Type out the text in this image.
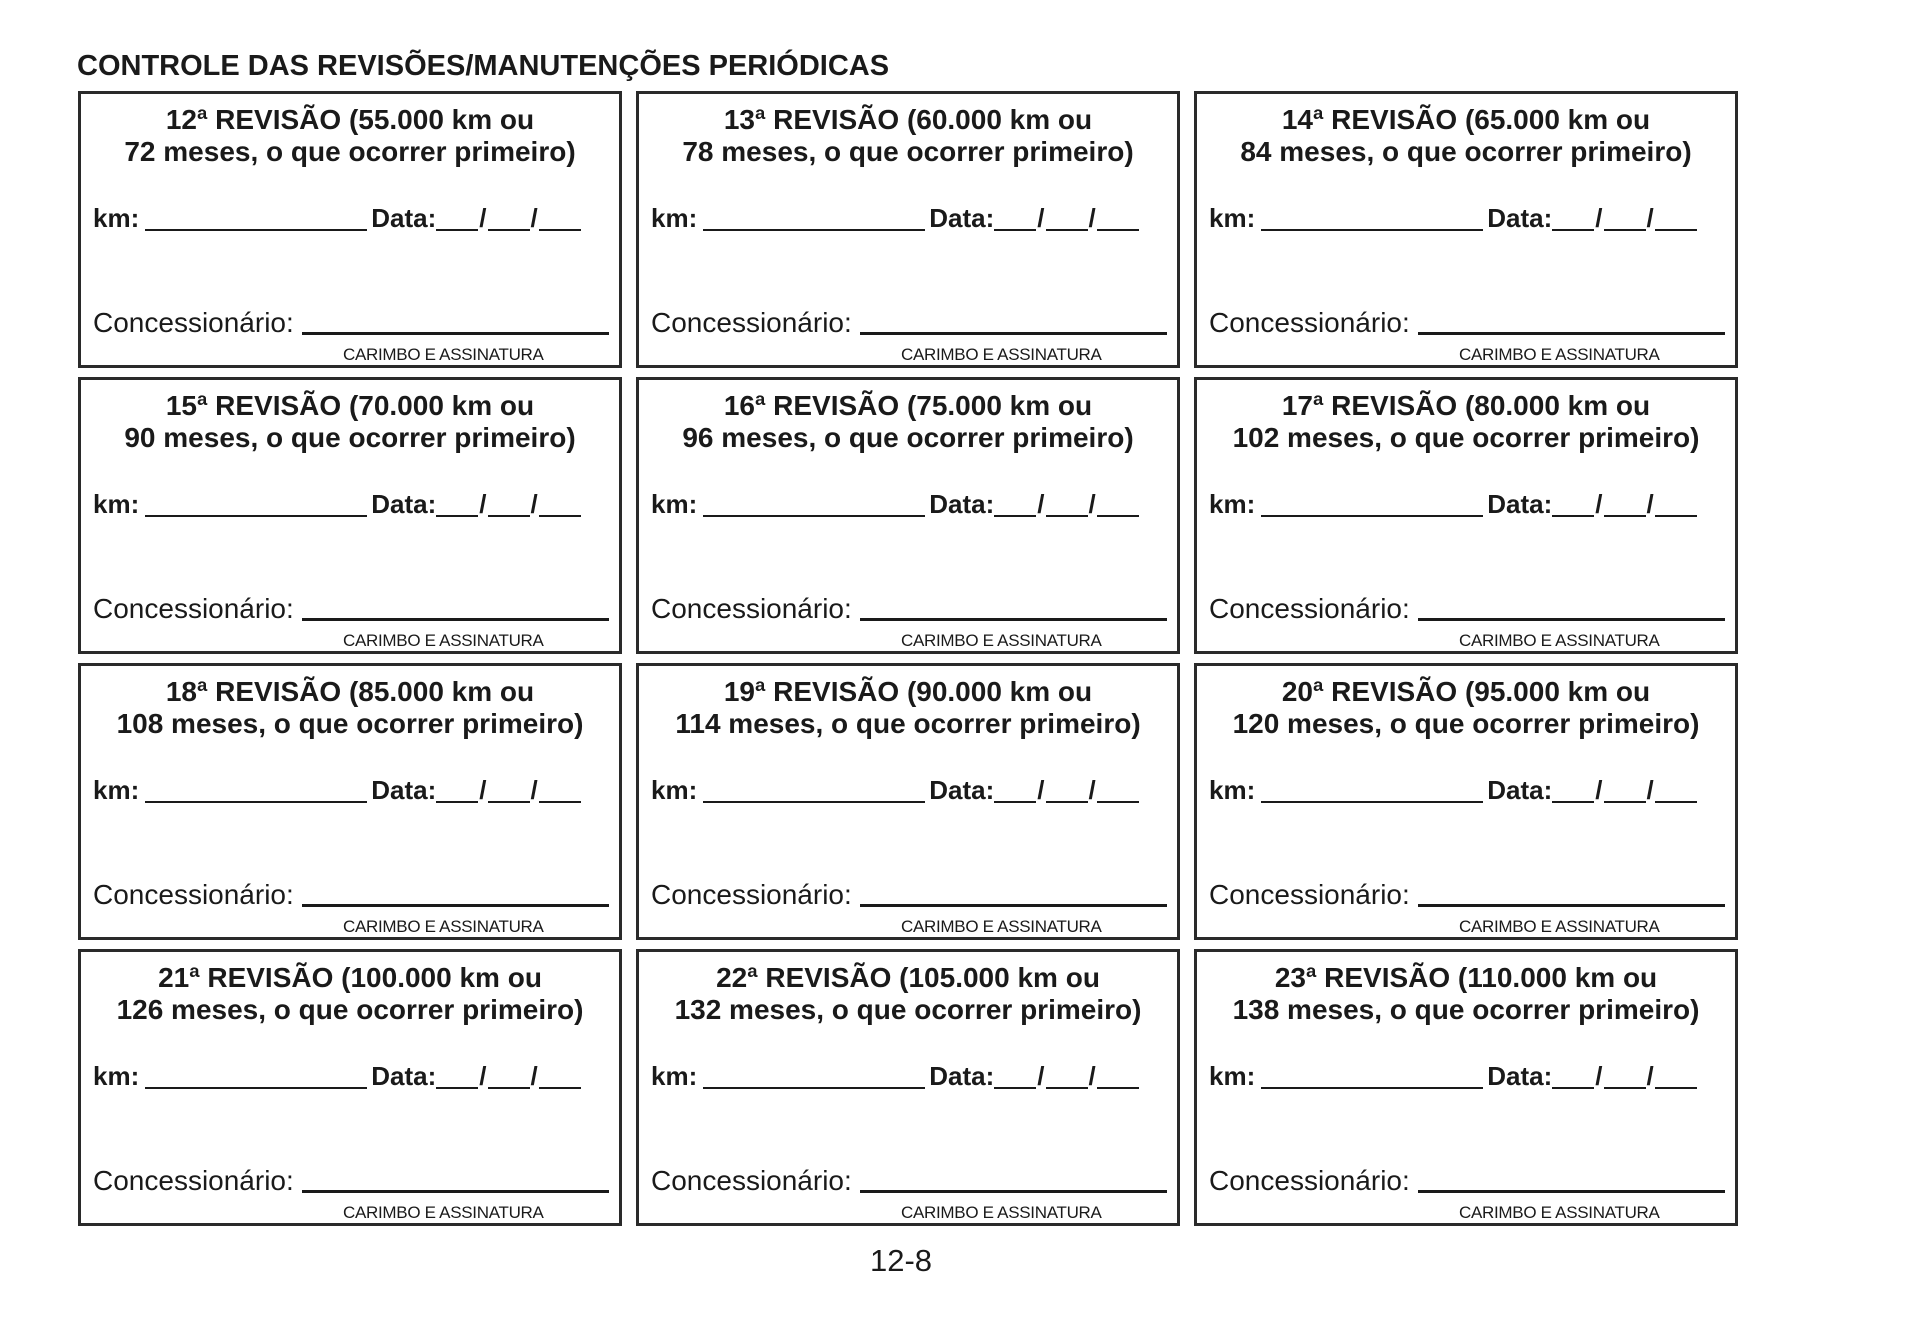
CONTROLE DAS REVISÕES/MANUTENÇÕES PERIÓDICAS
12ª REVISÃO (55.000 km ou
72 meses, o que ocorrer primeiro)
km:	Data: / /
Concessionário:
CARIMBO E ASSINATURA
13ª REVISÃO (60.000 km ou
78 meses, o que ocorrer primeiro)
km:	Data: / /
Concessionário:
CARIMBO E ASSINATURA
14ª REVISÃO (65.000 km ou
84 meses, o que ocorrer primeiro)
km:	Data: / /
Concessionário:
CARIMBO E ASSINATURA
15ª REVISÃO (70.000 km ou
90 meses, o que ocorrer primeiro)
km:	Data: / /
Concessionário:
CARIMBO E ASSINATURA
16ª REVISÃO (75.000 km ou
96 meses, o que ocorrer primeiro)
km:	Data: / /
Concessionário:
CARIMBO E ASSINATURA
17ª REVISÃO (80.000 km ou
102 meses, o que ocorrer primeiro)
km:	Data: / /
Concessionário:
CARIMBO E ASSINATURA
18ª REVISÃO (85.000 km ou
108 meses, o que ocorrer primeiro)
km:	Data: / /
Concessionário:
CARIMBO E ASSINATURA
19ª REVISÃO (90.000 km ou
114 meses, o que ocorrer primeiro)
km:	Data: / /
Concessionário:
CARIMBO E ASSINATURA
20ª REVISÃO (95.000 km ou
120 meses, o que ocorrer primeiro)
km:	Data: / /
Concessionário:
CARIMBO E ASSINATURA
21ª REVISÃO (100.000 km ou
126 meses, o que ocorrer primeiro)
km:	Data: / /
Concessionário:
CARIMBO E ASSINATURA
22ª REVISÃO (105.000 km ou
132 meses, o que ocorrer primeiro)
km:	Data: / /
Concessionário:
CARIMBO E ASSINATURA
23ª REVISÃO (110.000 km ou
138 meses, o que ocorrer primeiro)
km:	Data: / /
Concessionário:
CARIMBO E ASSINATURA
12-8
